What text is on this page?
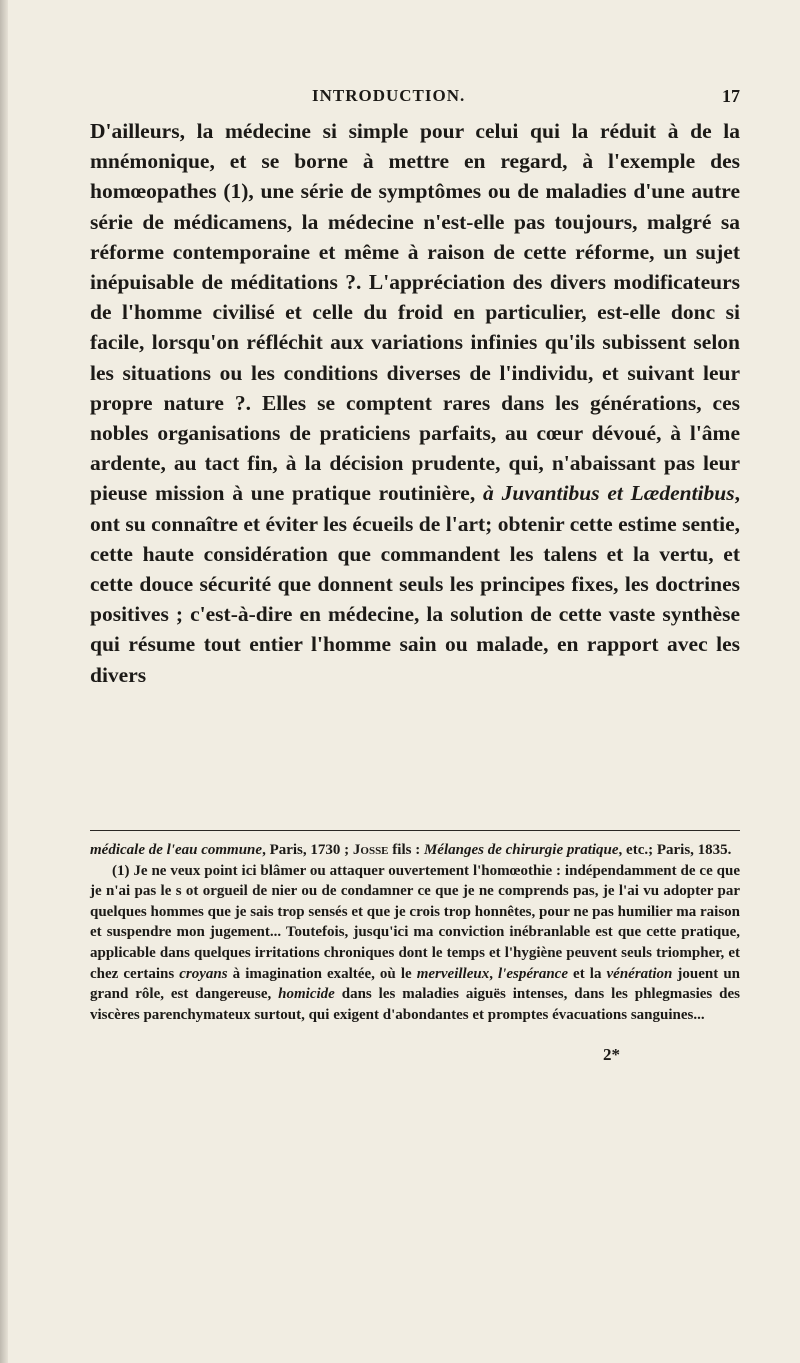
INTRODUCTION.	17

D'ailleurs, la médecine si simple pour celui qui la réduit à de la mnémonique, et se borne à mettre en regard, à l'exemple des homœopathes (1), une série de symptômes ou de maladies d'une autre série de médicamens, la médecine n'est-elle pas toujours, malgré sa réforme contemporaine et même à raison de cette réforme, un sujet inépuisable de méditations ?. L'appréciation des divers modificateurs de l'homme civilisé et celle du froid en particulier, est-elle donc si facile, lorsqu'on réfléchit aux variations infinies qu'ils subissent selon les situations ou les conditions diverses de l'individu, et suivant leur propre nature ?. Elles se comptent rares dans les générations, ces nobles organisations de praticiens parfaits, au cœur dévoué, à l'âme ardente, au tact fin, à la décision prudente, qui, n'abaissant pas leur pieuse mission à une pratique routinière, à Juvantibus et Lædentibus, ont su connaître et éviter les écueils de l'art; obtenir cette estime sentie, cette haute considération que commandent les talens et la vertu, et cette douce sécurité que donnent seuls les principes fixes, les doctrines positives ; c'est-à-dire en médecine, la solution de cette vaste synthèse qui résume tout entier l'homme sain ou malade, en rapport avec les divers

médicale de l'eau commune, Paris, 1730 ; Josse fils : Mélanges de chirurgie pratique, etc.; Paris, 1835.

(1) Je ne veux point ici blâmer ou attaquer ouvertement l'homœothie : indépendamment de ce que je n'ai pas le s ot orgueil de nier ou de condamner ce que je ne comprends pas, je l'ai vu adopter par quelques hommes que je sais trop sensés et que je crois trop honnêtes, pour ne pas humilier ma raison et suspendre mon jugement... Toutefois, jusqu'ici ma conviction inébranlable est que cette pratique, applicable dans quelques irritations chroniques dont le temps et l'hygiène peuvent seuls triompher, et chez certains croyans à imagination exaltée, où le merveilleux, l'espérance et la vénération jouent un grand rôle, est dangereuse, homicide dans les maladies aiguës intenses, dans les phlegmasies des viscères parenchymateux surtout, qui exigent d'abondantes et promptes évacuations sanguines...

2*
